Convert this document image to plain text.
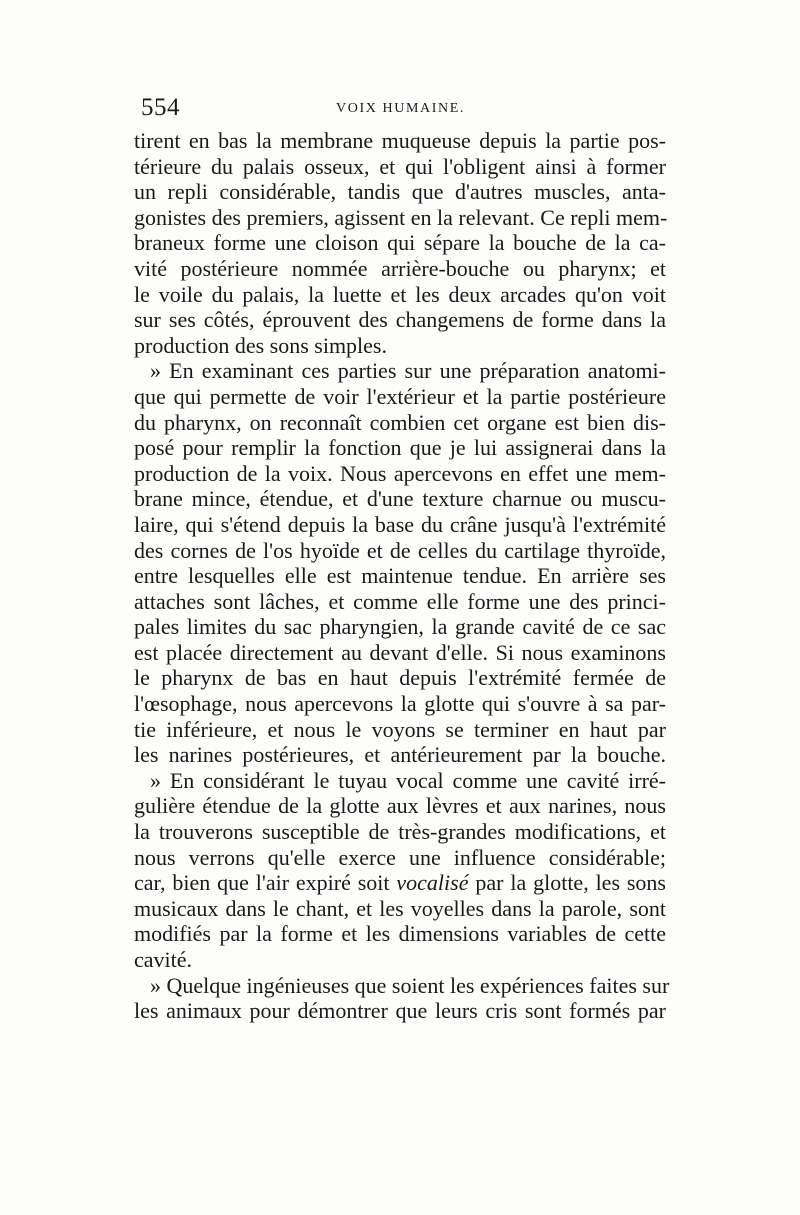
554	VOIX HUMAINE.
tirent en bas la membrane muqueuse depuis la partie pos-
térieure du palais osseux, et qui l'obligent ainsi à former
un repli considérable, tandis que d'autres muscles, anta-
gonistes des premiers, agissent en la relevant. Ce repli mem-
braneux forme une cloison qui sépare la bouche de la ca-
vité postérieure nommée arrière-bouche ou pharynx; et
le voile du palais, la luette et les deux arcades qu'on voit
sur ses côtés, éprouvent des changemens de forme dans la
production des sons simples.
» En examinant ces parties sur une préparation anatomi-
que qui permette de voir l'extérieur et la partie postérieure
du pharynx, on reconnaît combien cet organe est bien dis-
posé pour remplir la fonction que je lui assignerai dans la
production de la voix. Nous apercevons en effet une mem-
brane mince, étendue, et d'une texture charnue ou muscu-
laire, qui s'étend depuis la base du crâne jusqu'à l'extrémité
des cornes de l'os hyoïde et de celles du cartilage thyroïde,
entre lesquelles elle est maintenue tendue. En arrière ses
attaches sont lâches, et comme elle forme une des princi-
pales limites du sac pharyngien, la grande cavité de ce sac
est placée directement au devant d'elle. Si nous examinons
le pharynx de bas en haut depuis l'extrémité fermée de
l'œsophage, nous apercevons la glotte qui s'ouvre à sa par-
tie inférieure, et nous le voyons se terminer en haut par
les narines postérieures, et antérieurement par la bouche.
» En considérant le tuyau vocal comme une cavité irré-
gulière étendue de la glotte aux lèvres et aux narines, nous
la trouverons susceptible de très-grandes modifications, et
nous verrons qu'elle exerce une influence considérable;
car, bien que l'air expiré soit vocalisé par la glotte, les sons
musicaux dans le chant, et les voyelles dans la parole, sont
modifiés par la forme et les dimensions variables de cette
cavité.
» Quelque ingénieuses que soient les expériences faites sur
les animaux pour démontrer que leurs cris sont formés par
